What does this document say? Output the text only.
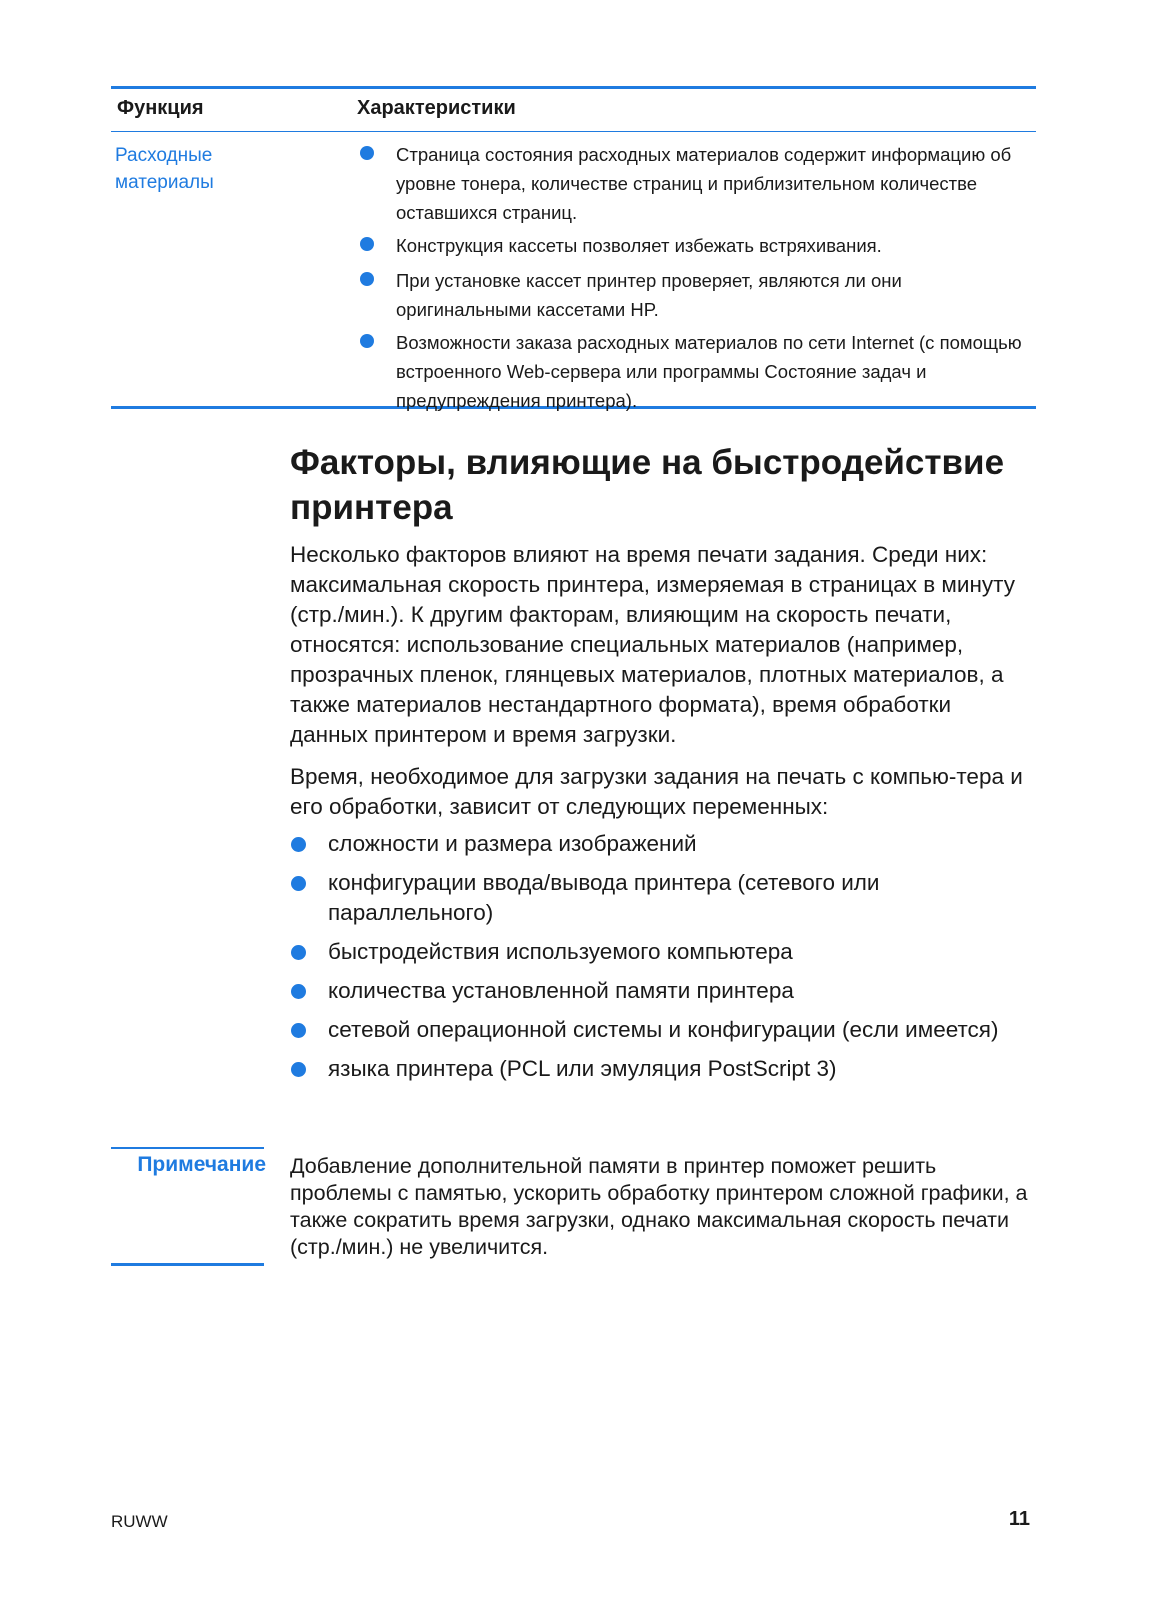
Функция	Характеристики
Расходные материалы
Страница состояния расходных материалов содержит информацию об уровне тонера, количестве страниц и приблизительном количестве оставшихся страниц.
Конструкция кассеты позволяет избежать встряхивания.
При установке кассет принтер проверяет, являются ли они оригинальными кассетами HP.
Возможности заказа расходных материалов по сети Internet (с помощью встроенного Web-сервера или программы Состояние задач и предупреждения принтера).
Факторы, влияющие на быстродействие принтера

Несколько факторов влияют на время печати задания. Среди них: максимальная скорость принтера, измеряемая в страницах в минуту (стр./мин.). К другим факторам, влияющим на скорость печати, относятся: использование специальных материалов (например, прозрачных пленок, глянцевых материалов, плотных материалов, а также материалов нестандартного формата), время обработки данных принтером и время загрузки.

Время, необходимое для загрузки задания на печать с компью-тера и его обработки, зависит от следующих переменных:

сложности и размера изображений
конфигурации ввода/вывода принтера (сетевого или параллельного)
быстродействия используемого компьютера
количества установленной памяти принтера
сетевой операционной системы и конфигурации (если имеется)
языка принтера (PCL или эмуляция PostScript 3)
Примечание Добавление дополнительной памяти в принтер поможет решить проблемы с памятью, ускорить обработку принтером сложной графики, а также сократить время загрузки, однако максимальная скорость печати (стр./мин.) не увеличится.

RUWW	11
